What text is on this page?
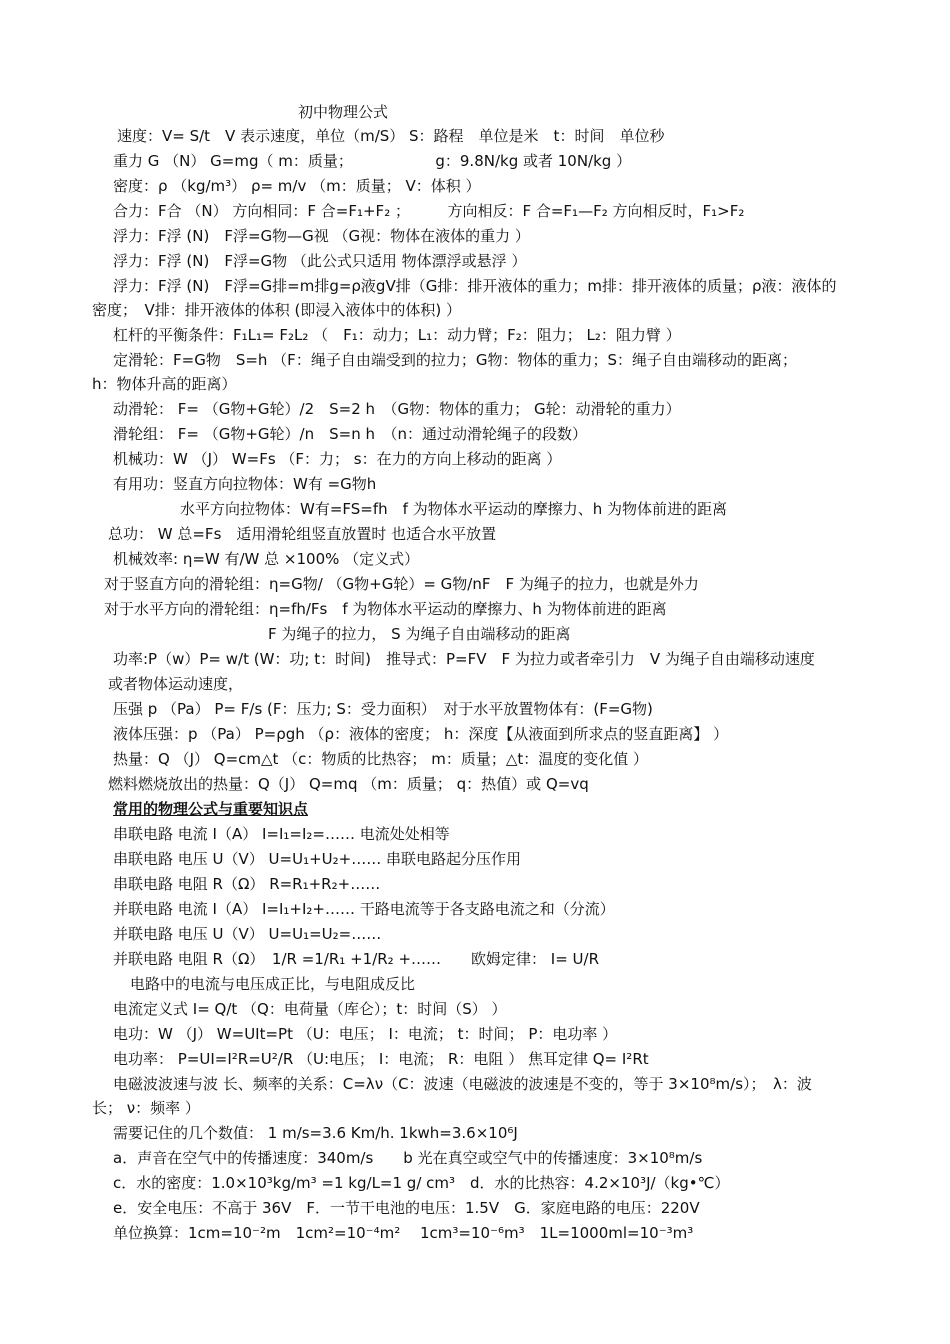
初中物理公式
速度：V= S/t　V 表示速度，单位（m/S） S：路程　单位是米　t：时间　单位秒
重力 G （N） G=mg（ m：质量；　　　　　　g：9.8N/kg 或者 10N/kg ）
密度：ρ （kg/m³） ρ= m/v （m：质量； V：体积 ）
合力：F合 （N） 方向相同：F 合=F₁+F₂ ；　　　方向相反：F 合=F₁—F₂ 方向相反时，F₁>F₂
浮力：F浮 (N)　F浮=G物—G视 （G视：物体在液体的重力 ）
浮力：F浮 (N)　F浮=G物 （此公式只适用 物体漂浮或悬浮 ）
浮力：F浮 (N)　F浮=G排=m排g=ρ液gV排（G排：排开液体的重力；m排：排开液体的质量；ρ液：液体的
密度；　V排：排开液体的体积 (即浸入液体中的体积) ）
杠杆的平衡条件：F₁L₁= F₂L₂ （　F₁：动力；L₁：动力臂；F₂：阻力； L₂：阻力臂 ）
定滑轮：F=G物　S=h （F：绳子自由端受到的拉力；G物：物体的重力；S：绳子自由端移动的距离；
h：物体升高的距离）
动滑轮： F= （G物+G轮）/2　S=2 h　（G物：物体的重力； G轮：动滑轮的重力）
滑轮组： F= （G物+G轮）/n　S=n h　（n：通过动滑轮绳子的段数）
机械功：W （J） W=Fs （F：力； s：在力的方向上移动的距离 ）
有用功：竖直方向拉物体：W有 =G物h
水平方向拉物体：W有=FS=fh　f 为物体水平运动的摩擦力、h 为物体前进的距离
总功： W 总=Fs　适用滑轮组竖直放置时 也适合水平放置
机械效率: η=W 有/W 总 ×100% （定义式）
对于竖直方向的滑轮组：η=G物/ （G物+G轮）= G物/nF　F 为绳子的拉力，也就是外力
对于水平方向的滑轮组：η=fh/Fs　f 为物体水平运动的摩擦力、h 为物体前进的距离
F 为绳子的拉力， S 为绳子自由端移动的距离
功率:P（w）P= w/t (W：功; t：时间)　推导式：P=FV　F 为拉力或者牵引力　V 为绳子自由端移动速度
或者物体运动速度，
压强 p （Pa） P= F/s (F：压力; S：受力面积）　对于水平放置物体有：(F=G物)
液体压强：p （Pa） P=ρgh （ρ：液体的密度； h：深度【从液面到所求点的竖直距离】 ）
热量：Q （J） Q=cm△t （c：物质的比热容； m：质量；△t：温度的变化值 ）
燃料燃烧放出的热量：Q（J） Q=mq （m：质量； q：热值）或 Q=vq
常用的物理公式与重要知识点
串联电路 电流 I（A） I=I₁=I₂=…… 电流处处相等
串联电路 电压 U（V） U=U₁+U₂+…… 串联电路起分压作用
串联电路 电阻 R（Ω） R=R₁+R₂+……
并联电路 电流 I（A） I=I₁+I₂+…… 干路电流等于各支路电流之和（分流）
并联电路 电压 U（V） U=U₁=U₂=……
并联电路 电阻 R（Ω）　1/R =1/R₁ +1/R₂ +……　　欧姆定律： I= U/R
电路中的电流与电压成正比，与电阻成反比
电流定义式 I= Q/t （Q：电荷量（库仑）；t：时间（S） ）
电功：W （J） W=UIt=Pt （U：电压； I：电流； t：时间； P：电功率 ）
电功率： P=UI=I²R=U²/R （U:电压； I：电流； R：电阻 ） 焦耳定律 Q= I²Rt
电磁波波速与波 长、频率的关系：C=λν（C：波速（电磁波的波速是不变的，等于 3×10⁸m/s）；　λ：波
长； ν：频率 ）
需要记住的几个数值： 1 m/s=3.6 Km/h. 1kwh=3.6×10⁶J
a．声音在空气中的传播速度：340m/s　　b 光在真空或空气中的传播速度：3×10⁸m/s
c．水的密度：1.0×10³kg/m³ =1 kg/L=1 g/ cm³　d．水的比热容：4.2×10³J/（kg•℃）
e．安全电压：不高于 36V　F．一节干电池的电压：1.5V　G．家庭电路的电压：220V
单位换算：1cm=10⁻²m　1cm²=10⁻⁴m²　 1cm³=10⁻⁶m³　1L=1000ml=10⁻³m³
